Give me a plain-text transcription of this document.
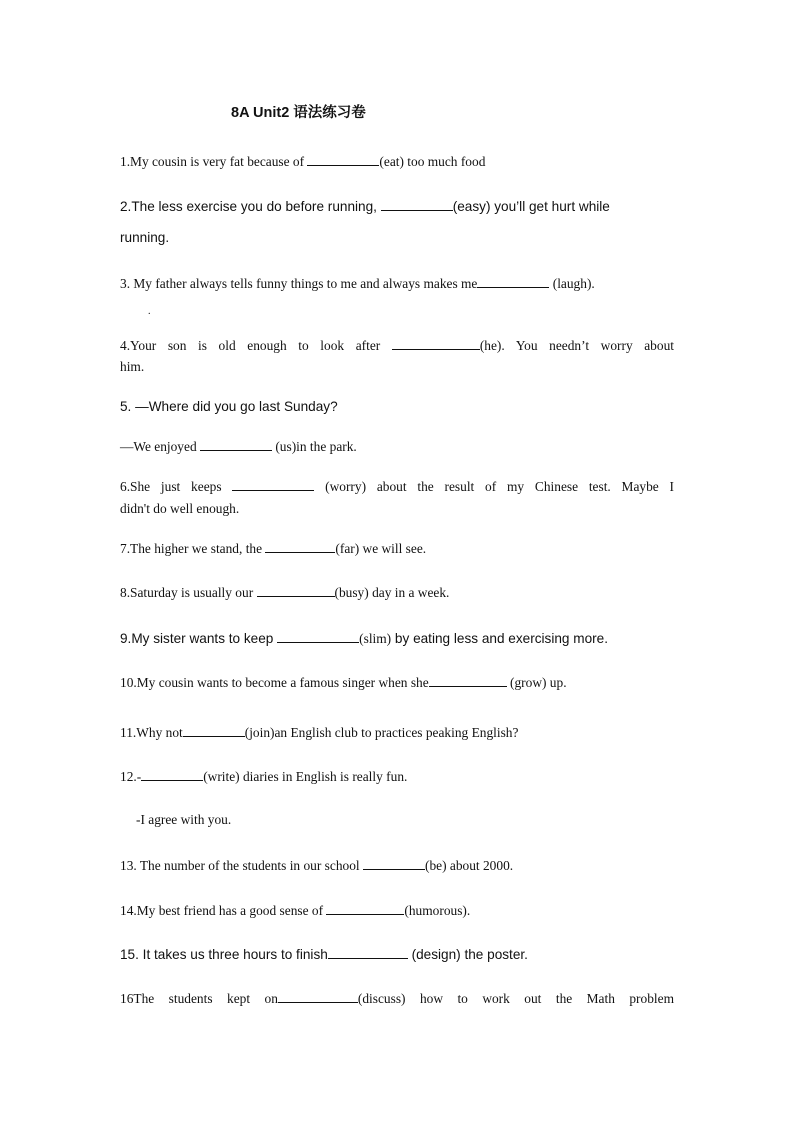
8A Unit2 语法练习卷
1.My cousin is very fat because of	(eat) too much food
2.The less exercise you do before running,	(easy) you’ll get hurt while
running.
3. My father always tells funny things to me and always makes me	(laugh).
.
4.Your son is old enough to look after	(he). You needn’t worry about
him.
5. —Where did you go last Sunday?
—We enjoyed	(us)in the park.
6.She just keeps	(worry) about the result of my Chinese test. Maybe I
didn't do well enough.
7.The higher we stand, the	(far) we will see.
8.Saturday is usually our	(busy) day in a week.
9.My sister wants to keep	(slim) by eating less and exercising more.
10.My cousin wants to become a famous singer when she	(grow) up.
11.Why not	(join)an English club to practices peaking English?
12.-	(write) diaries in English is really fun.
-I agree with you.
13. The number of the students in our school	(be) about 2000.
14.My best friend has a good sense of	(humorous).
15. It takes us three hours to finish	(design) the poster.
16The students kept on	(discuss) how to work out the Math problem
